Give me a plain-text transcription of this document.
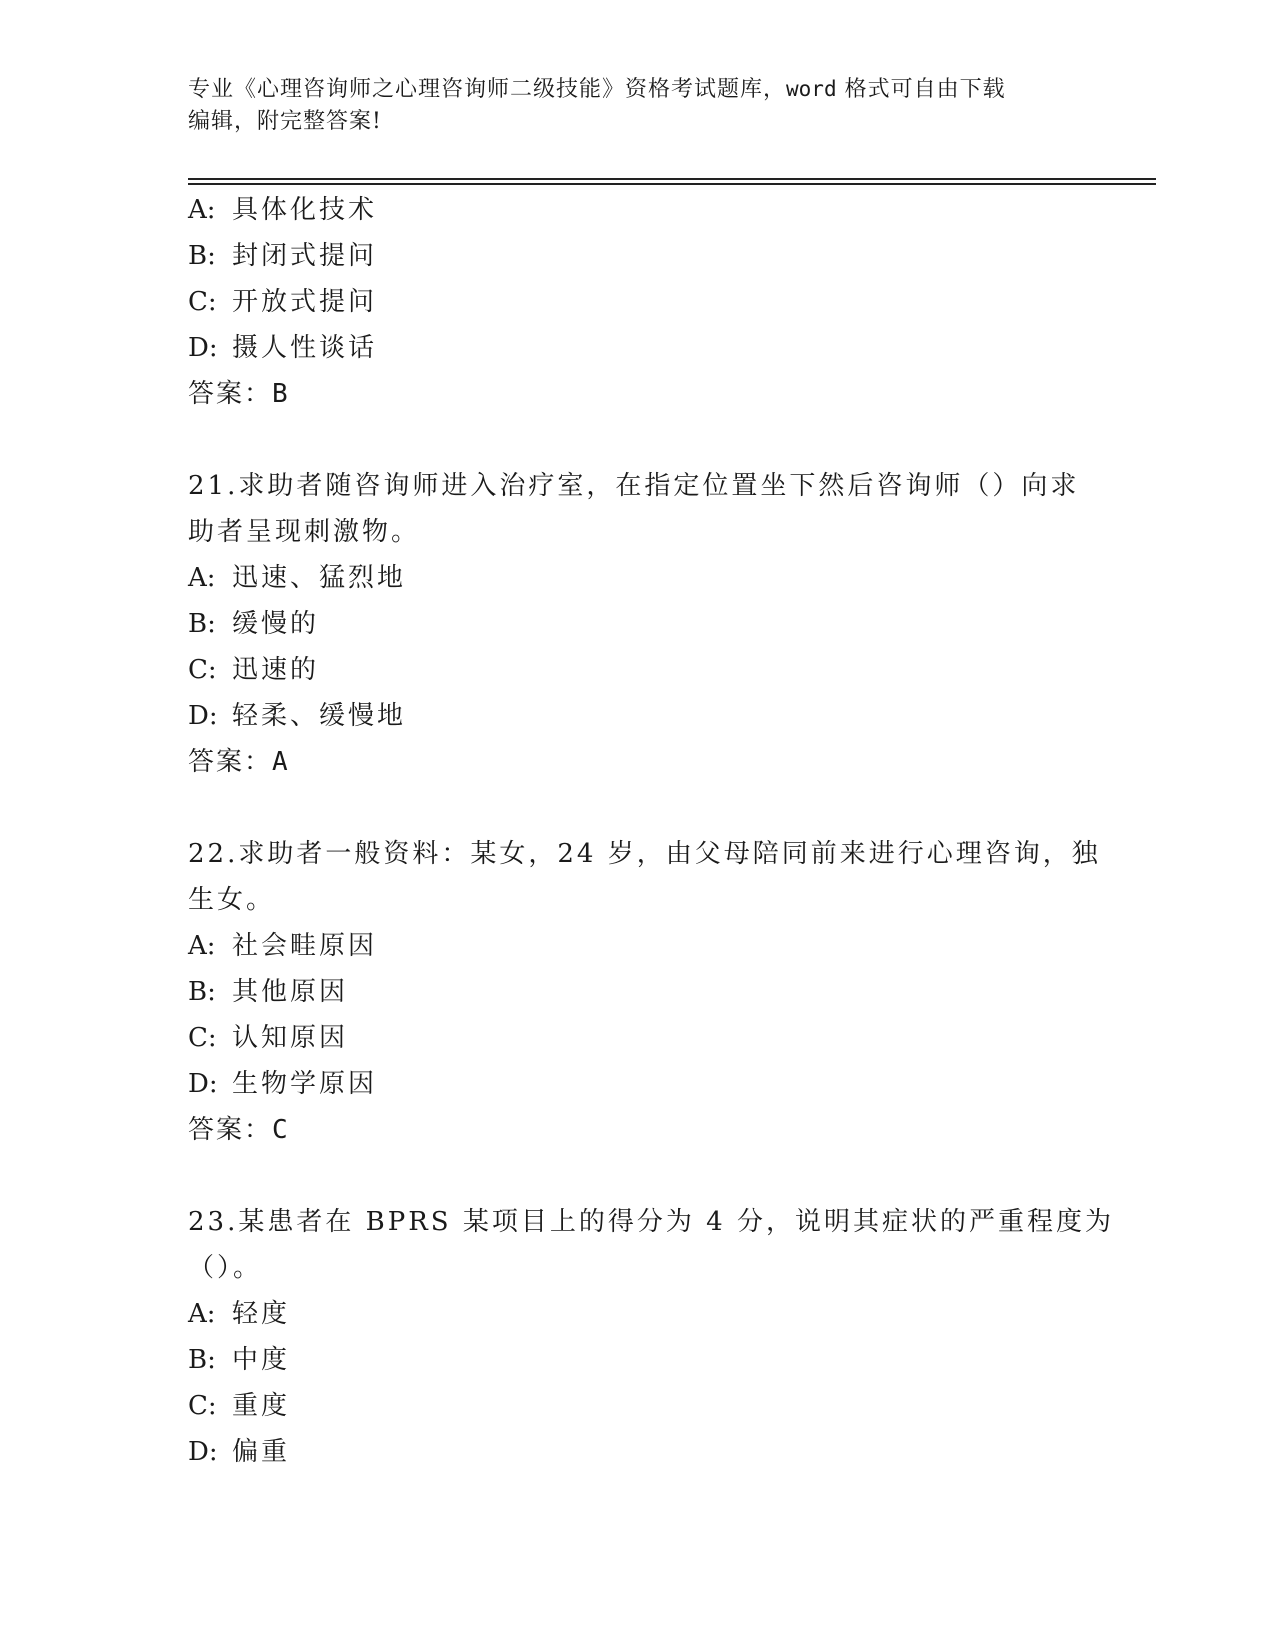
专业《心理咨询师之心理咨询师二级技能》资格考试题库，word 格式可自由下载
编辑，附完整答案!
A: 具体化技术
B: 封闭式提问
C: 开放式提问
D: 摄人性谈话
答案：B
21.求助者随咨询师进入治疗室，在指定位置坐下然后咨询师（）向求
助者呈现刺激物。
A: 迅速、猛烈地
B: 缓慢的
C: 迅速的
D: 轻柔、缓慢地
答案：A
22.求助者一般资料：某女，24 岁，由父母陪同前来进行心理咨询，独
生女。
A: 社会畦原因
B: 其他原因
C: 认知原因
D: 生物学原因
答案：C
23.某患者在 BPRS 某项目上的得分为 4 分，说明其症状的严重程度为
（）。
A: 轻度
B: 中度
C: 重度
D: 偏重
